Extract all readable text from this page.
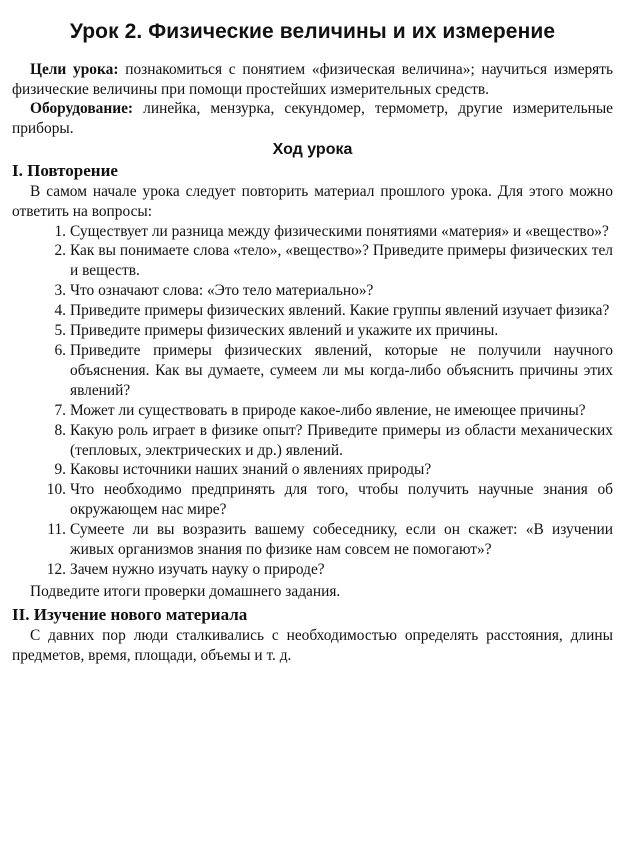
Урок 2. Физические величины и их измерение

Цели урока: познакомиться с понятием «физическая величина»; научиться измерять физические величины при помощи простейших измерительных средств.

Оборудование: линейка, мензурка, секундомер, термометр, другие измерительные приборы.

Ход урока
I. Повторение

В самом начале урока следует повторить материал прошлого урока. Для этого можно ответить на вопросы:

1. Существует ли разница между физическими понятиями «материя» и «вещество»?
2. Как вы понимаете слова «тело», «вещество»? Приведите примеры физических тел и веществ.
3. Что означают слова: «Это тело материально»?
4. Приведите примеры физических явлений. Какие группы явлений изучает физика?
5. Приведите примеры физических явлений и укажите их причины.
6. Приведите примеры физических явлений, которые не получили научного объяснения. Как вы думаете, сумеем ли мы когда-либо объяснить причины этих явлений?
7. Может ли существовать в природе какое-либо явление, не имеющее причины?
8. Какую роль играет в физике опыт? Приведите примеры из области механических (тепловых, электрических и др.) явлений.
9. Каковы источники наших знаний о явлениях природы?
10. Что необходимо предпринять для того, чтобы получить научные знания об окружающем нас мире?
11. Сумеете ли вы возразить вашему собеседнику, если он скажет: «В изучении живых организмов знания по физике нам совсем не помогают»?
12. Зачем нужно изучать науку о природе?
Подведите итоги проверки домашнего задания.
II. Изучение нового материала

С давних пор люди сталкивались с необходимостью определять расстояния, длины предметов, время, площади, объемы и т. д.
